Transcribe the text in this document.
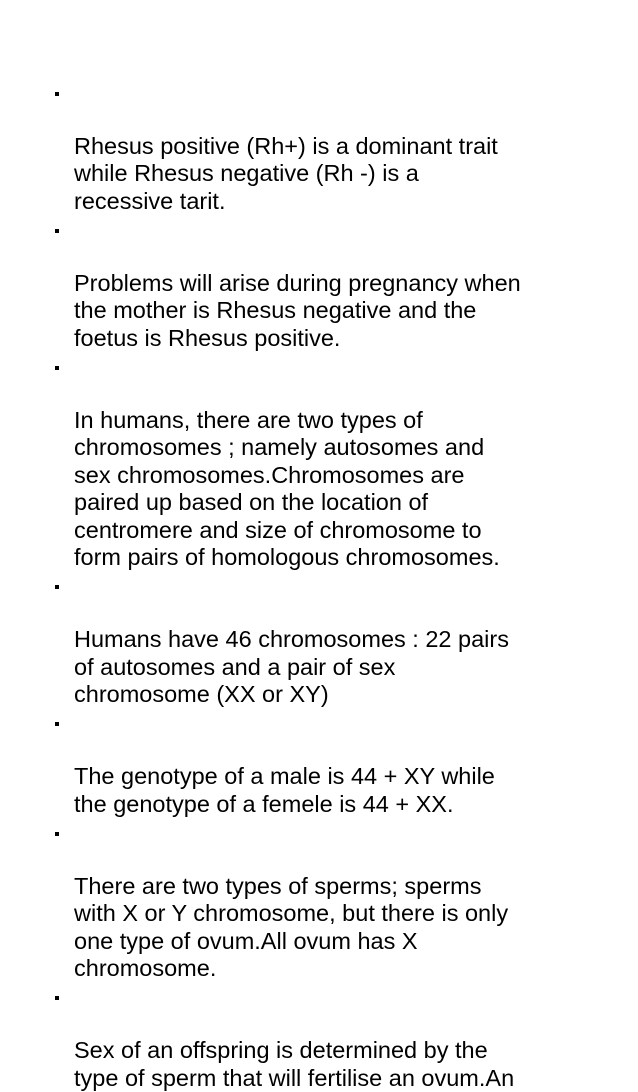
Rhesus positive (Rh+) is a dominant trait
while Rhesus negative (Rh -) is a
recessive tarit.

Problems will arise during pregnancy when
the mother is Rhesus negative and the
foetus is Rhesus positive.

In humans, there are two types of
chromosomes ; namely autosomes and
sex chromosomes.Chromosomes are
paired up based on the location of
centromere and size of chromosome to
form pairs of homologous chromosomes.

Humans have 46 chromosomes : 22 pairs
of autosomes and a pair of sex
chromosome (XX or XY)

The genotype of a male is 44 + XY while
the genotype of a femele is 44 + XX.

There are two types of sperms; sperms
with X or Y chromosome, but there is only
one type of ovum.All ovum has X
chromosome.

Sex of an offspring is determined by the
type of sperm that will fertilise an ovum.An
